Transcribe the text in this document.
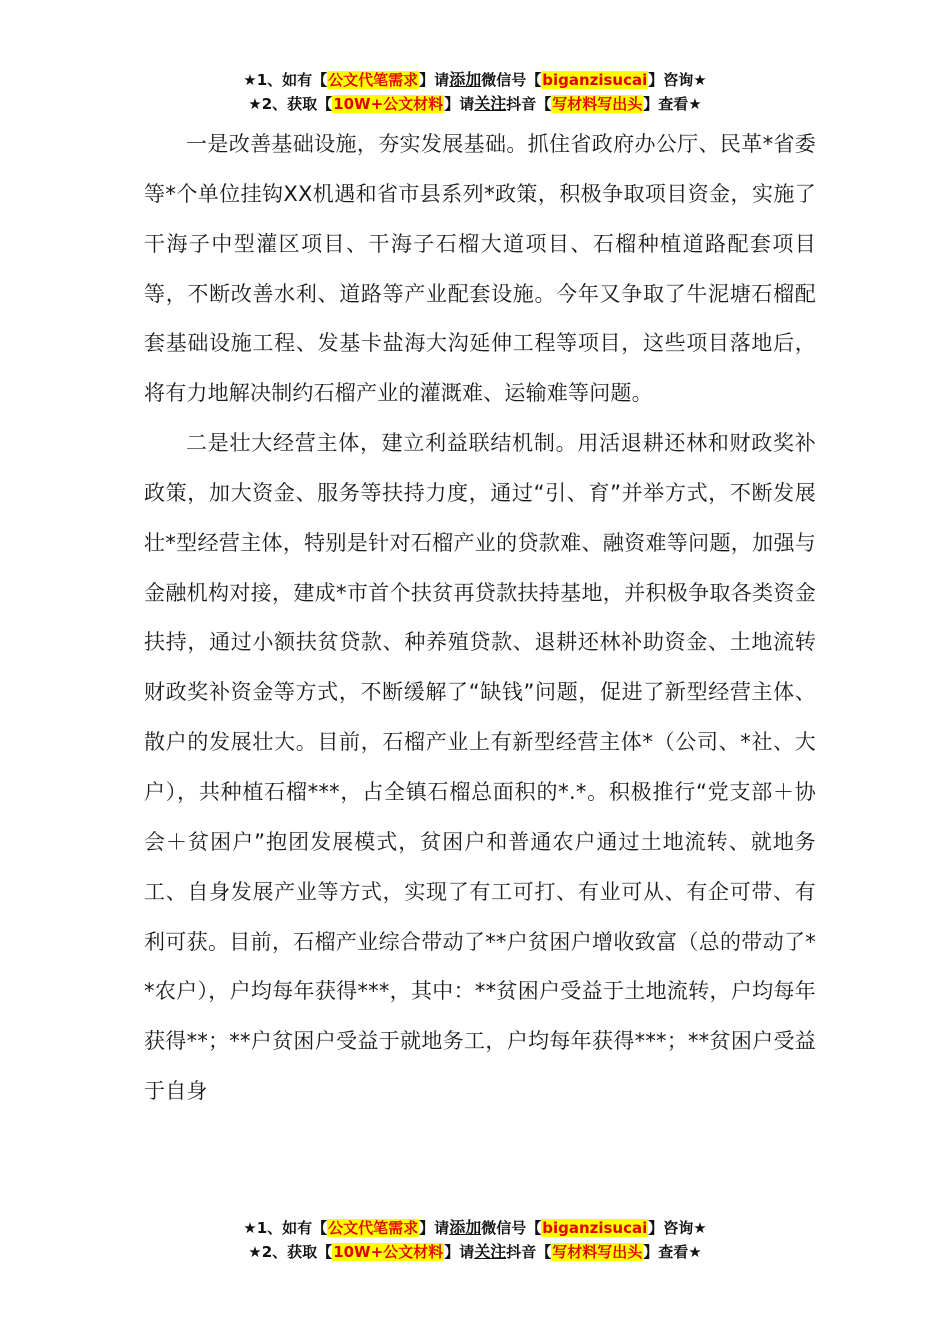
★1、如有【公文代笔需求】请添加微信号【biganzisucai】咨询★
★2、获取【10W+公文材料】请关注抖音【写材料写出头】查看★

一是改善基础设施，夯实发展基础。抓住省政府办公厅、民革*省委等*个单位挂钩XX机遇和省市县系列*政策，积极争取项目资金，实施了干海子中型灌区项目、干海子石榴大道项目、石榴种植道路配套项目等，不断改善水利、道路等产业配套设施。今年又争取了牛泥塘石榴配套基础设施工程、发基卡盐海大沟延伸工程等项目，这些项目落地后，将有力地解决制约石榴产业的灌溉难、运输难等问题。

二是壮大经营主体，建立利益联结机制。用活退耕还林和财政奖补政策，加大资金、服务等扶持力度，通过“引、育”并举方式，不断发展壮*型经营主体，特别是针对石榴产业的贷款难、融资难等问题，加强与金融机构对接，建成*市首个扶贫再贷款扶持基地，并积极争取各类资金扶持，通过小额扶贫贷款、种养殖贷款、退耕还林补助资金、土地流转财政奖补资金等方式，不断缓解了“缺钱”问题，促进了新型经营主体、散户的发展壮大。目前，石榴产业上有新型经营主体*（公司、*社、大户），共种植石榴***，占全镇石榴总面积的*.*。积极推行“党支部＋协会＋贫困户”抱团发展模式，贫困户和普通农户通过土地流转、就地务工、自身发展产业等方式，实现了有工可打、有业可从、有企可带、有利可获。目前，石榴产业综合带动了**户贫困户增收致富（总的带动了**农户），户均每年获得***，其中：**贫困户受益于土地流转，户均每年获得**；**户贫困户受益于就地务工，户均每年获得***；**贫困户受益于自身

★1、如有【公文代笔需求】请添加微信号【biganzisucai】咨询★
★2、获取【10W+公文材料】请关注抖音【写材料写出头】查看★
